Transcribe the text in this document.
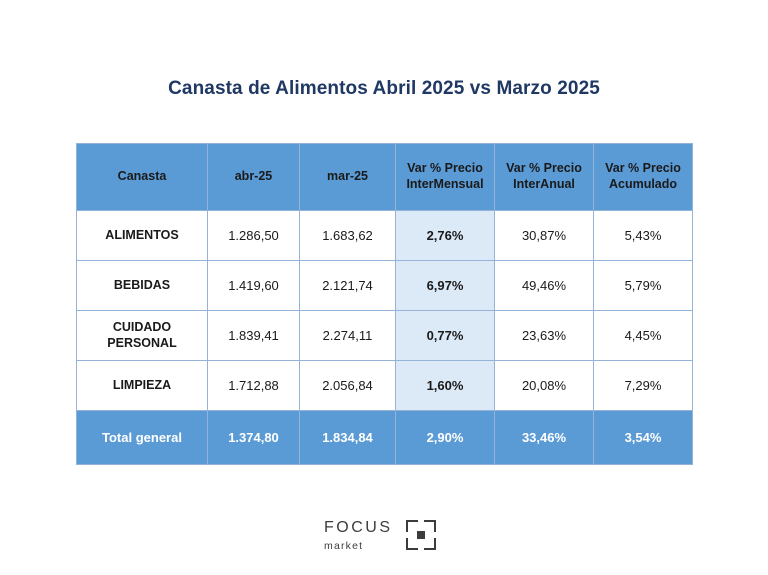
Canasta de Alimentos Abril 2025 vs Marzo 2025
Canasta	abr-25	mar-25	Var % Precio InterMensual	Var % Precio InterAnual	Var % Precio Acumulado
ALIMENTOS	1.286,50	1.683,62	2,76%	30,87%	5,43%
BEBIDAS	1.419,60	2.121,74	6,97%	49,46%	5,79%
CUIDADO PERSONAL	1.839,41	2.274,11	0,77%	23,63%	4,45%
LIMPIEZA	1.712,88	2.056,84	1,60%	20,08%	7,29%
Total general	1.374,80	1.834,84	2,90%	33,46%	3,54%
FOCUS
market
